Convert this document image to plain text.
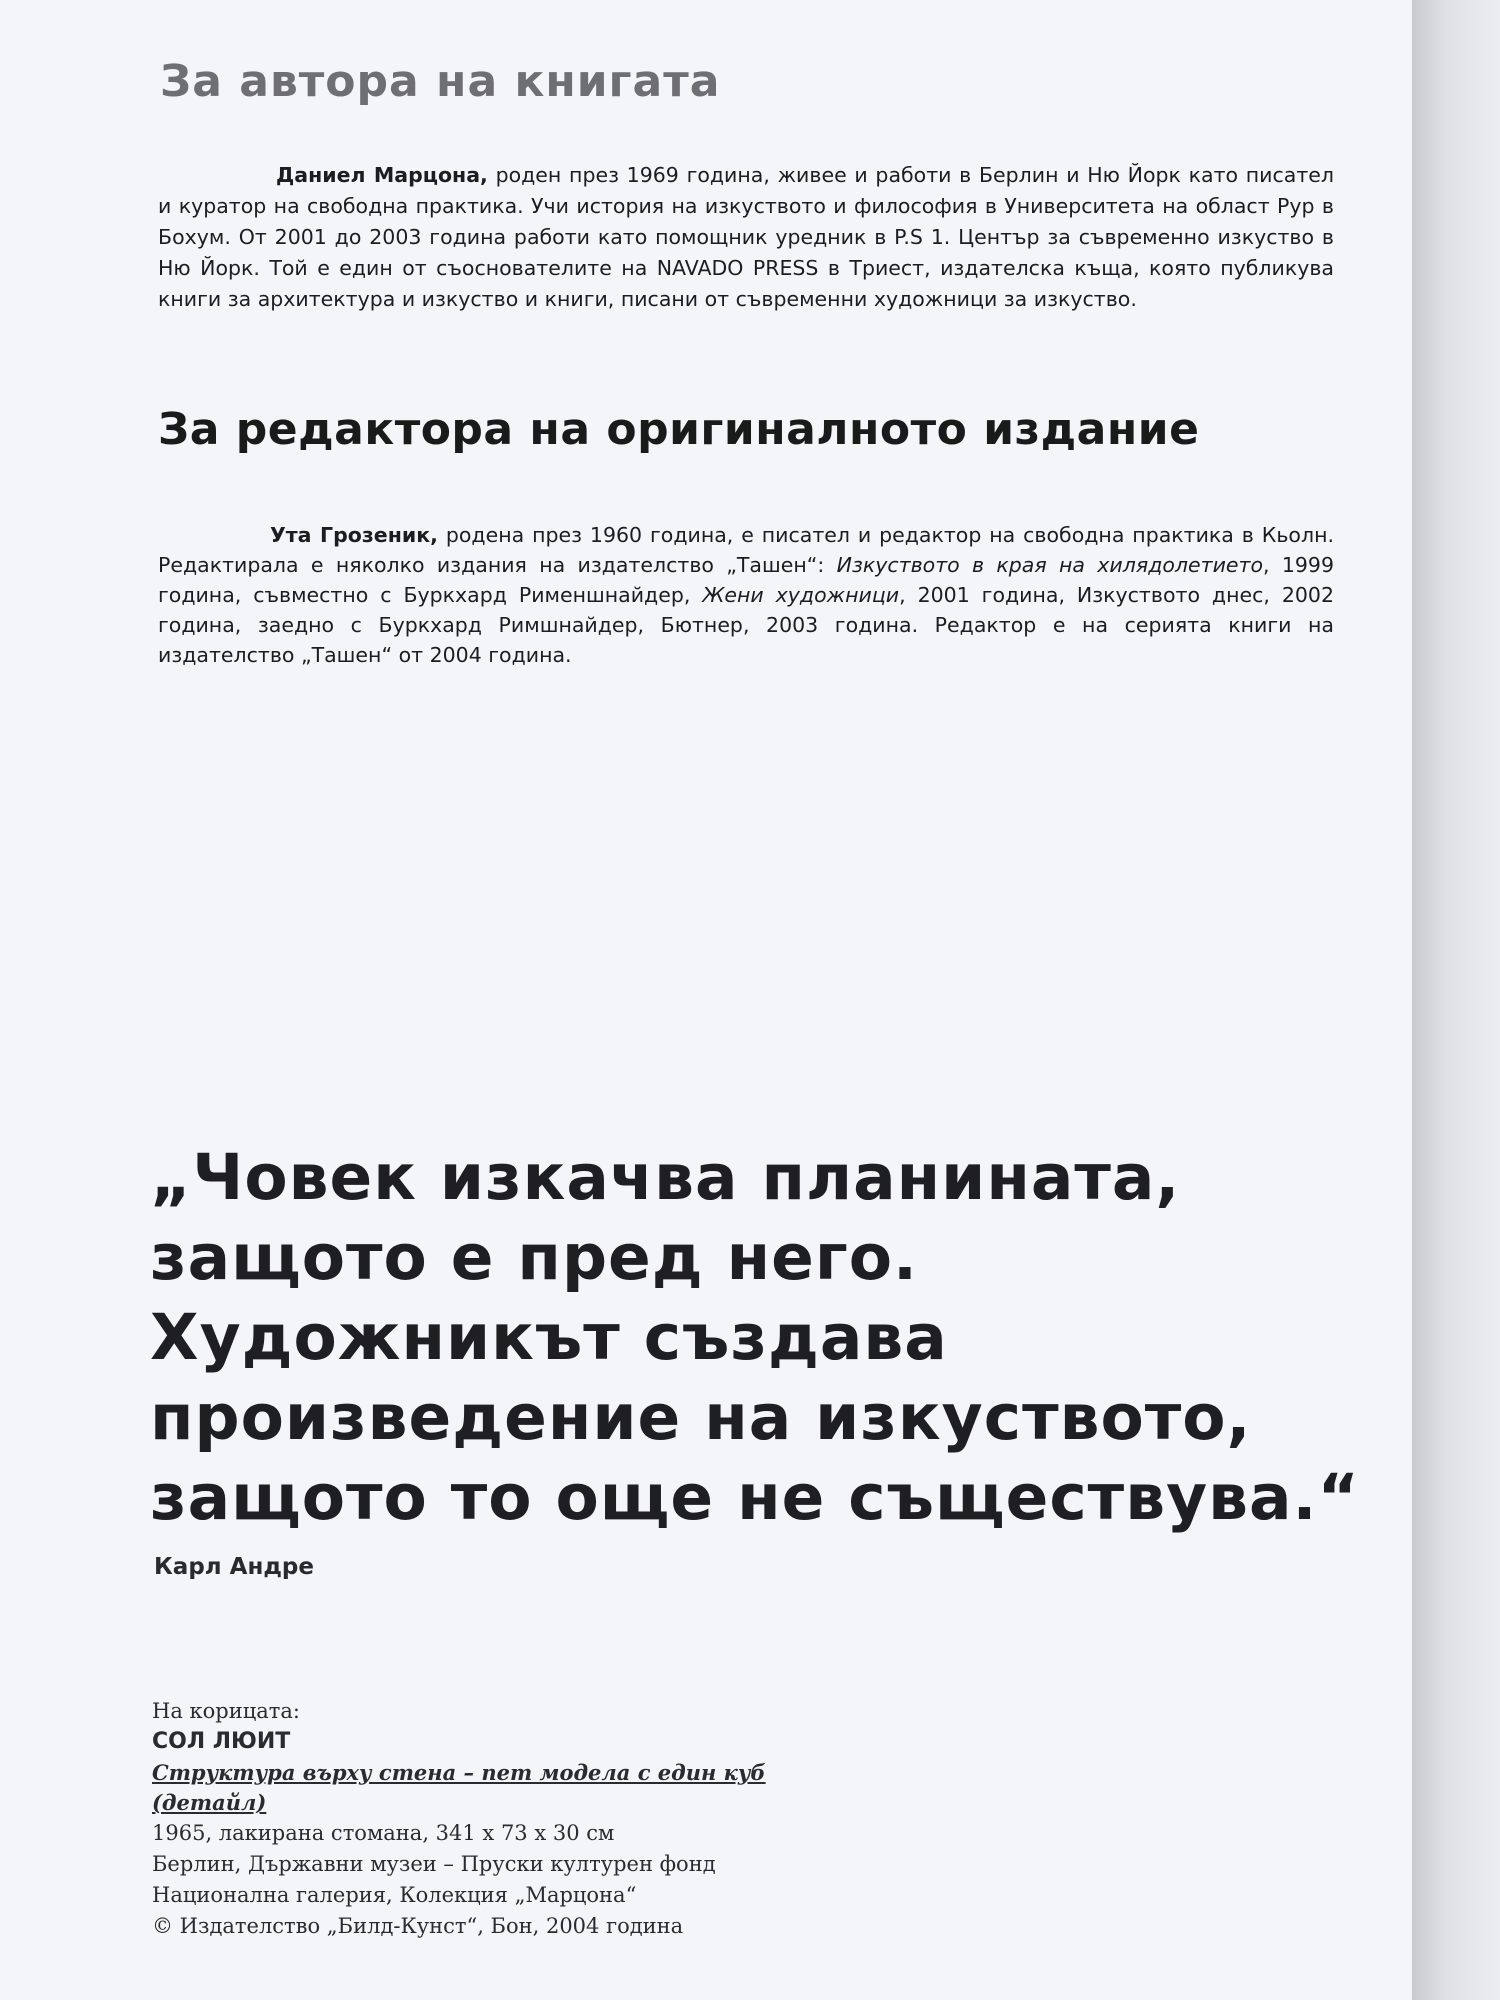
За автора на книгата
Даниел Марцона, роден през 1969 година, живее и работи в Берлин и Ню Йорк като писател и куратор на свободна практика. Учи история на изкуството и философия в Университета на област Рур в Бохум. От 2001 до 2003 година работи като помощник уредник в P.S 1. Център за съвременно изкуство в Ню Йорк. Той е един от съоснователите на NAVADO PRESS в Триест, издателска къща, която публикува книги за архитектура и изкуство и книги, писани от съвременни художници за изкуство.
За редактора на оригиналното издание
Ута Грозеник, родена през 1960 година, е писател и редактор на свободна практика в Кьолн. Редактирала е няколко издания на издателство „Ташен“: Изкуството в края на хилядолетието, 1999 година, съвместно с Буркхард Рименшнайдер, Жени художници, 2001 година, Изкуството днес, 2002 година, заедно с Буркхард Римшнайдер, Бютнер, 2003 година. Редактор е на серията книги на издателство „Ташен“ от 2004 година.
„Човек изкачва планината,
защото е пред него.
Художникът създава
произведение на изкуството,
защото то още не съществува.“
Карл Андре
На корицата:
СОЛ ЛЮИТ
Структура върху стена – пет модела с един куб (детайл)
1965, лакирана стомана, 341 x 73 x 30 см
Берлин, Държавни музеи – Пруски културен фонд
Национална галерия, Колекция „Марцона“
© Издателство „Билд-Кунст“, Бон, 2004 година
